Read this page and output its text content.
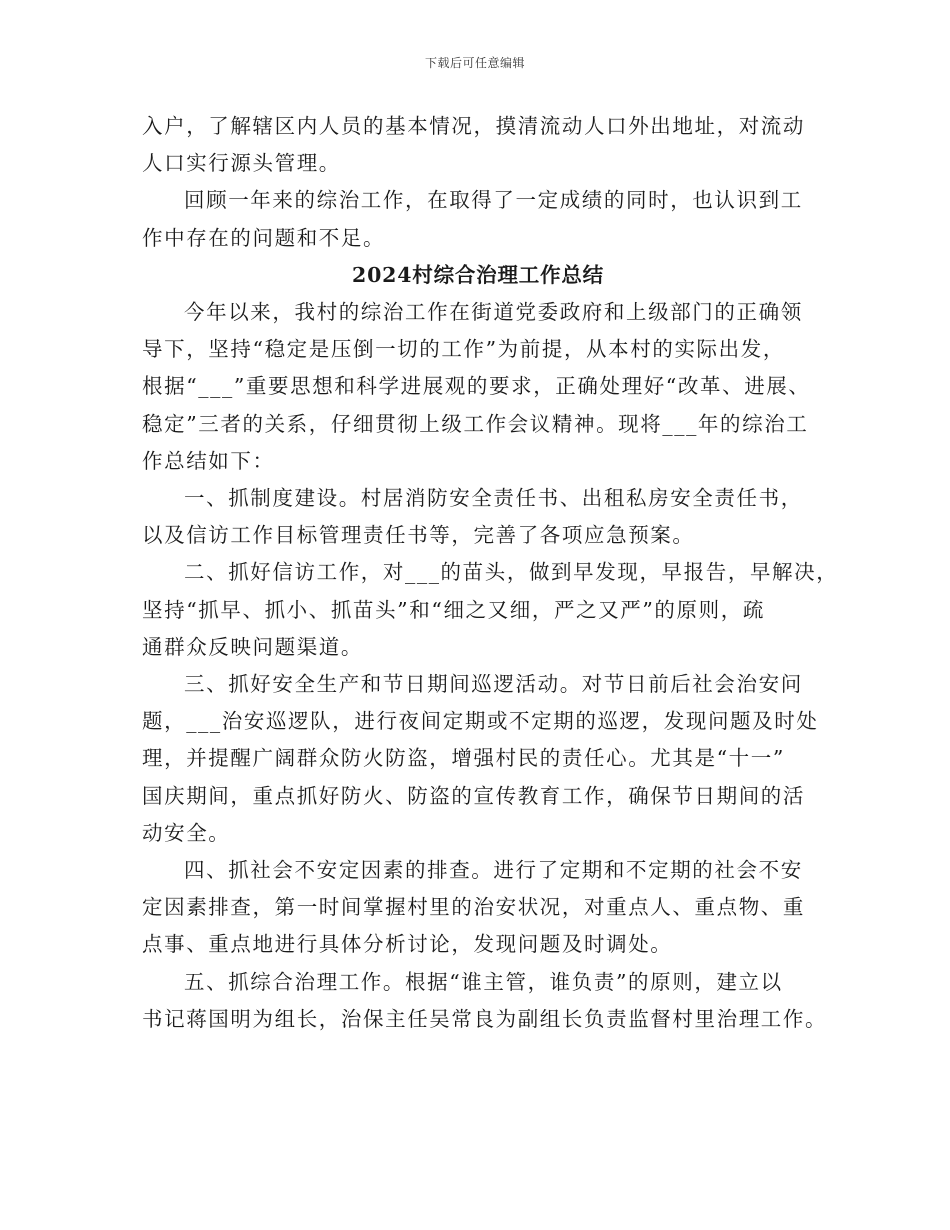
下载后可任意编辑

入户，了解辖区内人员的基本情况，摸清流动人口外出地址，对流动
人口实行源头管理。

回顾一年来的综治工作，在取得了一定成绩的同时，也认识到工
作中存在的问题和不足。

2024村综合治理工作总结

今年以来，我村的综治工作在街道党委政府和上级部门的正确领
导下，坚持“稳定是压倒一切的工作”为前提，从本村的实际出发，
根据“___”重要思想和科学进展观的要求，正确处理好“改革、进展、
稳定”三者的关系，仔细贯彻上级工作会议精神。现将___年的综治工
作总结如下：

一、抓制度建设。村居消防安全责任书、出租私房安全责任书，
以及信访工作目标管理责任书等，完善了各项应急预案。

二、抓好信访工作，对___的苗头，做到早发现，早报告，早解决，
坚持“抓早、抓小、抓苗头”和“细之又细，严之又严”的原则，疏
通群众反映问题渠道。

三、抓好安全生产和节日期间巡逻活动。对节日前后社会治安问
题，___治安巡逻队，进行夜间定期或不定期的巡逻，发现问题及时处
理，并提醒广阔群众防火防盗，增强村民的责任心。尤其是“十一”
国庆期间，重点抓好防火、防盗的宣传教育工作，确保节日期间的活
动安全。

四、抓社会不安定因素的排查。进行了定期和不定期的社会不安
定因素排查，第一时间掌握村里的治安状况，对重点人、重点物、重
点事、重点地进行具体分析讨论，发现问题及时调处。

五、抓综合治理工作。根据“谁主管，谁负责”的原则，建立以
书记蒋国明为组长，治保主任吴常良为副组长负责监督村里治理工作。
